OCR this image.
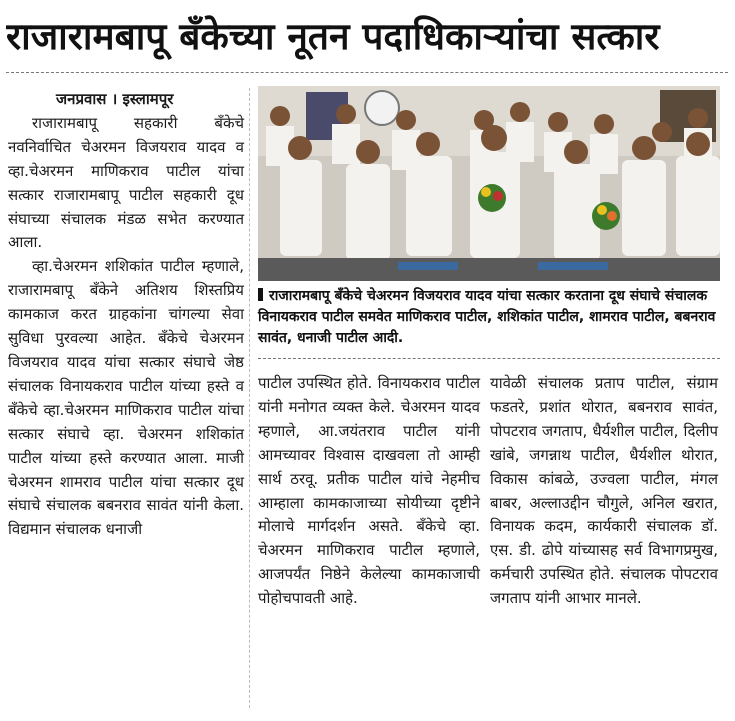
राजारामबापू बँकेच्या नूतन पदाधिकाऱ्यांचा सत्कार

जनप्रवास । इस्लामपूर

राजारामबापू सहकारी बँकेचे नवनिर्वाचित चेअरमन विजयराव यादव व व्हा.चेअरमन माणिकराव पाटील यांचा सत्कार राजारामबापू पाटील सहकारी दूध संघाच्या संचालक मंडळ सभेत करण्यात आला.

व्हा.चेअरमन शशिकांत पाटील म्हणाले, राजारामबापू बँकेने अतिशय शिस्तप्रिय कामकाज करत ग्राहकांना चांगल्या सेवा सुविधा पुरवल्या आहेत. बँकेचे चेअरमन विजयराव यादव यांचा सत्कार संघाचे जेष्ठ संचालक विनायकराव पाटील यांच्या हस्ते व बँकेचे व्हा.चेअरमन माणिकराव पाटील यांचा सत्कार संघाचे व्हा. चेअरमन शशिकांत पाटील यांच्या हस्ते करण्यात आला. माजी चेअरमन शामराव पाटील यांचा सत्कार दूध संघाचे संचालक बबनराव सावंत यांनी केला. विद्यमान संचालक धनाजी

राजारामबापू बँकेचे चेअरमन विजयराव यादव यांचा सत्कार करताना दूध संघाचे संचालक विनायकराव पाटील समवेत माणिकराव पाटील, शशिकांत पाटील, शामराव पाटील, बबनराव सावंत, धनाजी पाटील आदी.

पाटील उपस्थित होते. विनायकराव पाटील यांनी मनोगत व्यक्त केले. चेअरमन यादव म्हणाले, आ.जयंतराव पाटील यांनी आमच्यावर विश्वास दाखवला तो आम्ही सार्थ ठरवू. प्रतीक पाटील यांचे नेहमीच आम्हाला कामकाजाच्या सोयीच्या दृष्टीने मोलाचे मार्गदर्शन असते. बँकेचे व्हा. चेअरमन माणिकराव पाटील म्हणाले, आजपर्यंत निष्ठेने केलेल्या कामकाजाची पोहोचपावती आहे.

यावेळी संचालक प्रताप पाटील, संग्राम फडतरे, प्रशांत थोरात, बबनराव सावंत, पोपटराव जगताप, धैर्यशील पाटील, दिलीप खांबे, जगन्नाथ पाटील, धैर्यशील थोरात, विकास कांबळे, उज्वला पाटील, मंगल बाबर, अल्लाउद्दीन चौगुले, अनिल खरात, विनायक कदम, कार्यकारी संचालक डॉ. एस. डी. ढोपे यांच्यासह सर्व विभागप्रमुख, कर्मचारी उपस्थित होते. संचालक पोपटराव जगताप यांनी आभार मानले.
